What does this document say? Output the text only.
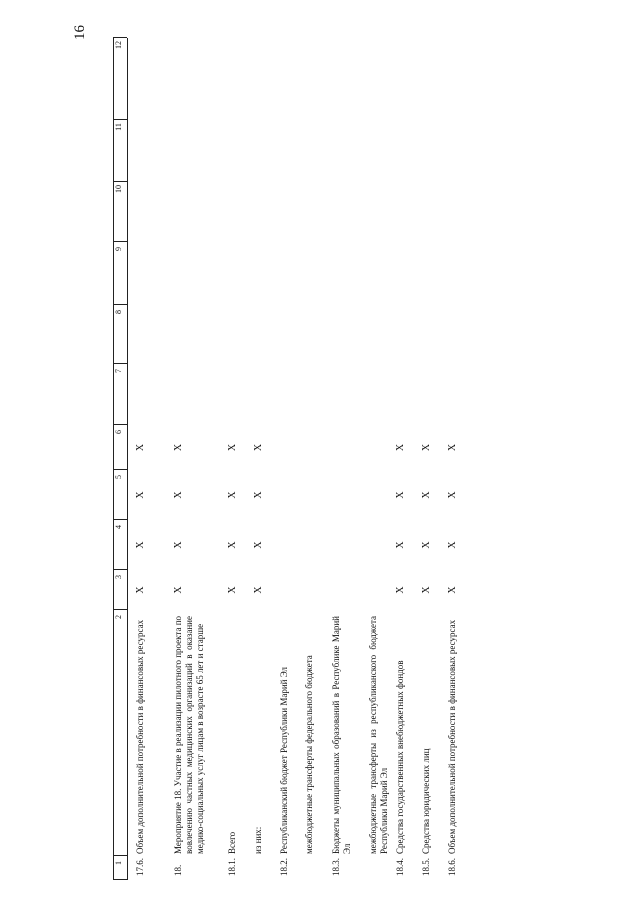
16
1
2
3
4
5
6
7
8
9
10
11
12
17.6.
Объем дополнительной потребности в финансовых ресурсах
X
X
X
X
18.
Мероприятие 18. Участие в реализации пилотного проекта по вовлечению частных медицинских организаций в оказание медико-социальных услуг лицам в возрасте 65 лет и старше
X
X
X
X
18.1.
Всего
X
X
X
X
из них:
X
X
X
X
18.2.
Республиканский бюджет Республики Марий Эл межбюджетные трансферты федерального бюджета
18.3.
Бюджеты муниципальных образований в Республике Марий Эл межбюджетные трансферты из республиканского бюджета Республики Марий Эл
18.4.
Средства государственных внебюджетных фондов
X
X
X
X
18.5.
Средства юридических лиц
X
X
X
X
18.6.
Объем дополнительной потребности в финансовых ресурсах
X
X
X
X
